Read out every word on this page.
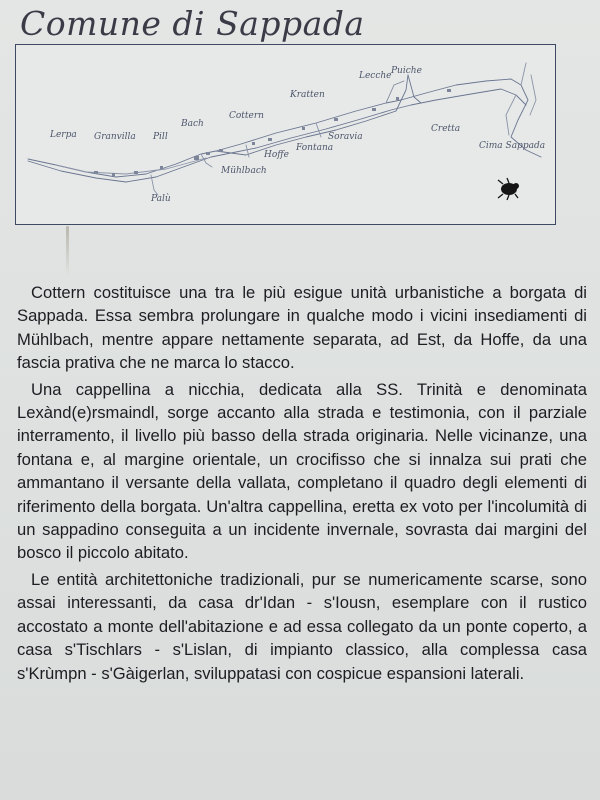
Comune di Sappada
Lerpa Granvilla Pill
Bach
Cottern
Kratten
Lecche Puiche
Soravia
Hoffe
Fontana
Mühlbach
Palù
Cretta
Cima Sappada

Cottern costituisce una tra le più esigue unità urbanistiche a borgata di Sappada. Essa sembra prolungare in qualche modo i vicini insediamenti di Mühlbach, mentre appare nettamente separata, ad Est, da Hoffe, da una fascia prativa che ne marca lo stacco.

Una cappellina a nicchia, dedicata alla SS. Trinità e denominata Lexànd(e)rsmaindl, sorge accanto alla strada e testimonia, con il parziale interramento, il livello più basso della strada originaria. Nelle vicinanze, una fontana e, al margine orientale, un crocifisso che si innalza sui prati che ammantano il versante della vallata, completano il quadro degli elementi di riferimento della borgata. Un'altra cappellina, eretta ex voto per l'incolumità di un sappadino conseguita a un incidente invernale, sovrasta dai margini del bosco il piccolo abitato.

Le entità architettoniche tradizionali, pur se numericamente scarse, sono assai interessanti, da casa dr'Idan - s'Iousn, esemplare con il rustico accostato a monte dell'abitazione e ad essa collegato da un ponte coperto, a casa s'Tischlars - s'Lislan, di impianto classico, alla complessa casa s'Krùmpn - s'Gàigerlan, sviluppatasi con cospicue espansioni laterali.
